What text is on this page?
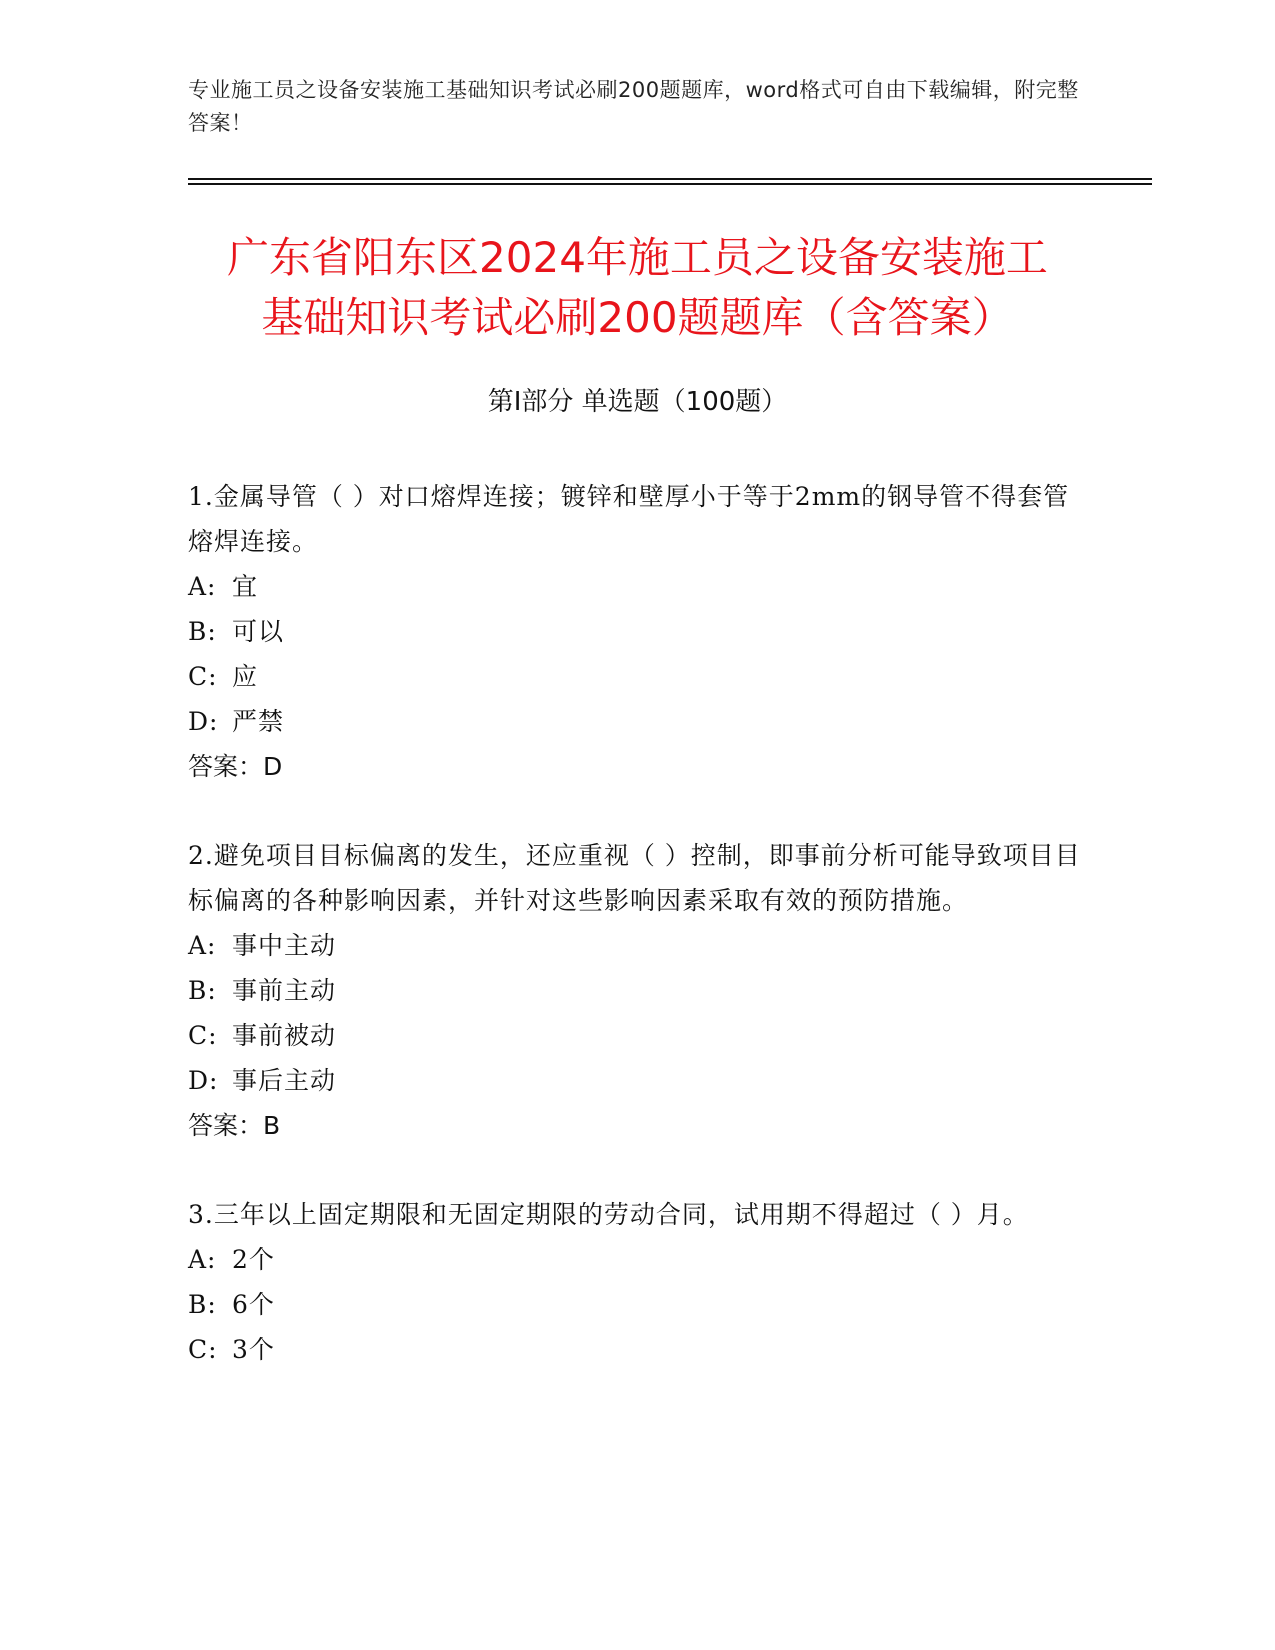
专业施工员之设备安装施工基础知识考试必刷200题题库，word格式可自由下载编辑，附完整答案！
广东省阳东区2024年施工员之设备安装施工
基础知识考试必刷200题题库（含答案）
第Ⅰ部分 单选题（100题）
1.金属导管（ ）对口熔焊连接；镀锌和壁厚小于等于2mm的钢导管不得套管熔焊连接。
A: 宜
B: 可以
C: 应
D: 严禁
答案：D
2.避免项目目标偏离的发生，还应重视（ ）控制，即事前分析可能导致项目目标偏离的各种影响因素，并针对这些影响因素采取有效的预防措施。
A: 事中主动
B: 事前主动
C: 事前被动
D: 事后主动
答案：B
3.三年以上固定期限和无固定期限的劳动合同，试用期不得超过（ ）月。
A: 2个
B: 6个
C: 3个
